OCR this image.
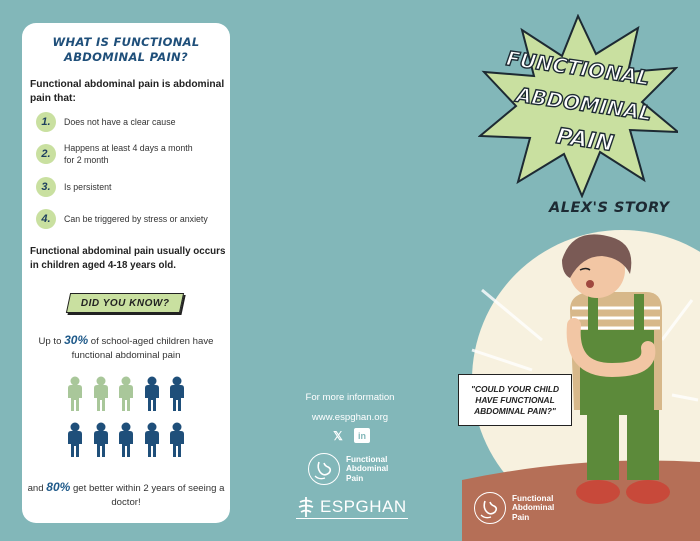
WHAT IS FUNCTIONAL ABDOMINAL PAIN?
Functional abdominal pain is abdominal pain that:
1.	Does not have a clear cause
2.	Happens at least 4 days a month for 2 month
3.	Is persistent
4.	Can be triggered by stress or anxiety
Functional abdominal pain usually occurs in children aged 4-18 years old.
DID YOU KNOW?
Up to 30% of school-aged children have functional abdominal pain
and 80% get better within 2 years of seeing a doctor!
For more information
www.espghan.org
𝕏	in
Functional Abdominal Pain
ESPGHAN
FUNCTIONAL
ABDOMINAL
PAIN
ALEX'S STORY
"COULD YOUR CHILD HAVE FUNCTIONAL ABDOMINAL PAIN?"
Functional Abdominal Pain
